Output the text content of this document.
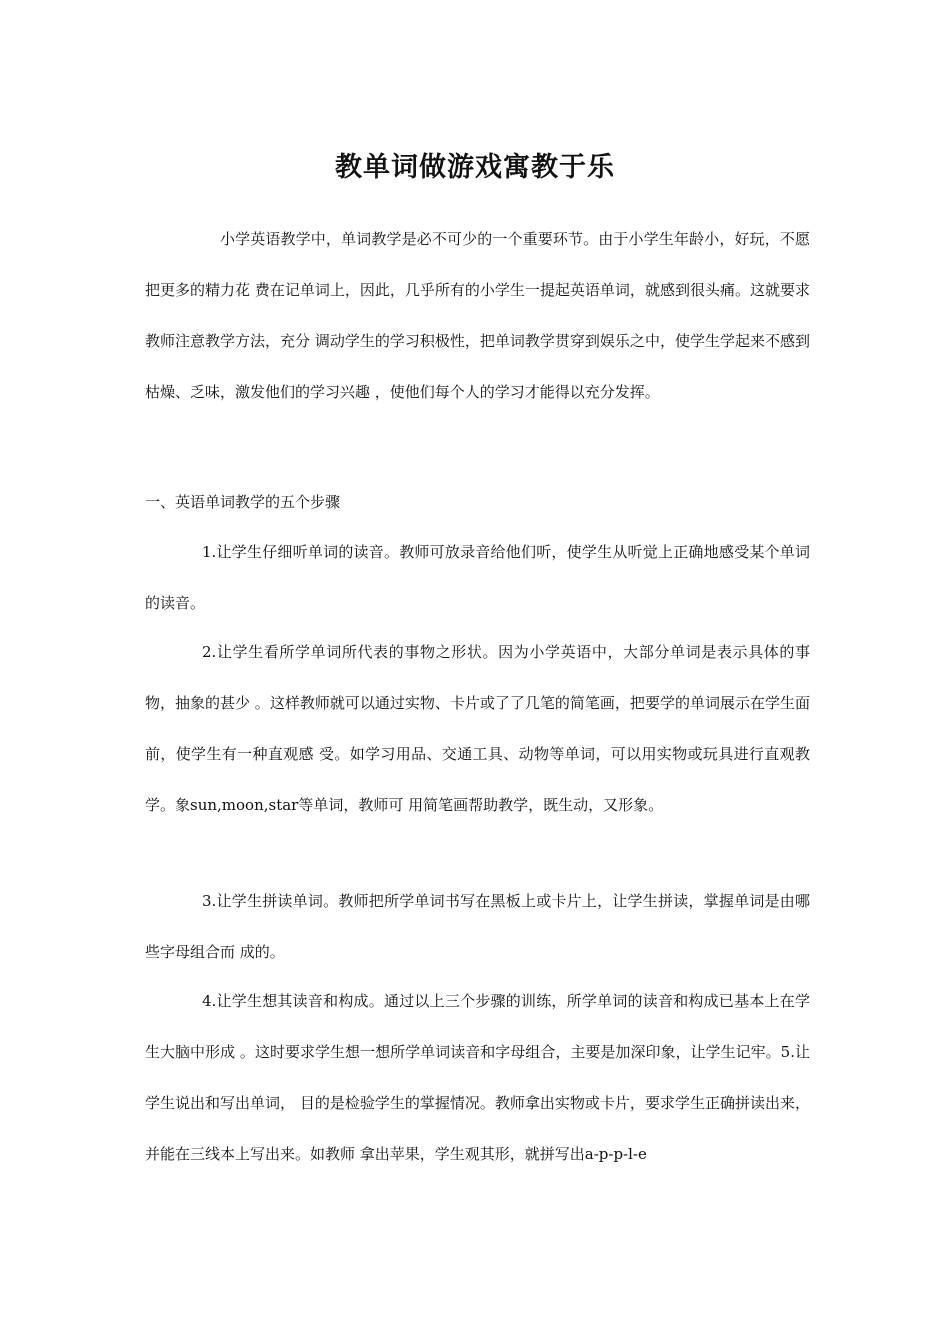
教单词做游戏寓教于乐

小学英语教学中，单词教学是必不可少的一个重要环节。由于小学生年龄小，好玩，不愿把更多的精力花 费在记单词上，因此，几乎所有的小学生一提起英语单词，就感到很头痛。这就要求教师注意教学方法，充分 调动学生的学习积极性，把单词教学贯穿到娱乐之中，使学生学起来不感到枯燥、乏味，激发他们的学习兴趣 ，使他们每个人的学习才能得以充分发挥。

一、英语单词教学的五个步骤

1.让学生仔细听单词的读音。教师可放录音给他们听，使学生从听觉上正确地感受某个单词的读音。

2.让学生看所学单词所代表的事物之形状。因为小学英语中，大部分单词是表示具体的事物，抽象的甚少 。这样教师就可以通过实物、卡片或了了几笔的简笔画，把要学的单词展示在学生面前，使学生有一种直观感 受。如学习用品、交通工具、动物等单词，可以用实物或玩具进行直观教学。象sun,moon,star等单词，教师可 用简笔画帮助教学，既生动，又形象。

3.让学生拼读单词。教师把所学单词书写在黑板上或卡片上，让学生拼读，掌握单词是由哪些字母组合而 成的。

4.让学生想其读音和构成。通过以上三个步骤的训练，所学单词的读音和构成已基本上在学生大脑中形成 。这时要求学生想一想所学单词读音和字母组合，主要是加深印象，让学生记牢。5.让学生说出和写出单词， 目的是检验学生的掌握情况。教师拿出实物或卡片，要求学生正确拼读出来，并能在三线本上写出来。如教师 拿出苹果，学生观其形，就拼写出a-p-p-l-e
